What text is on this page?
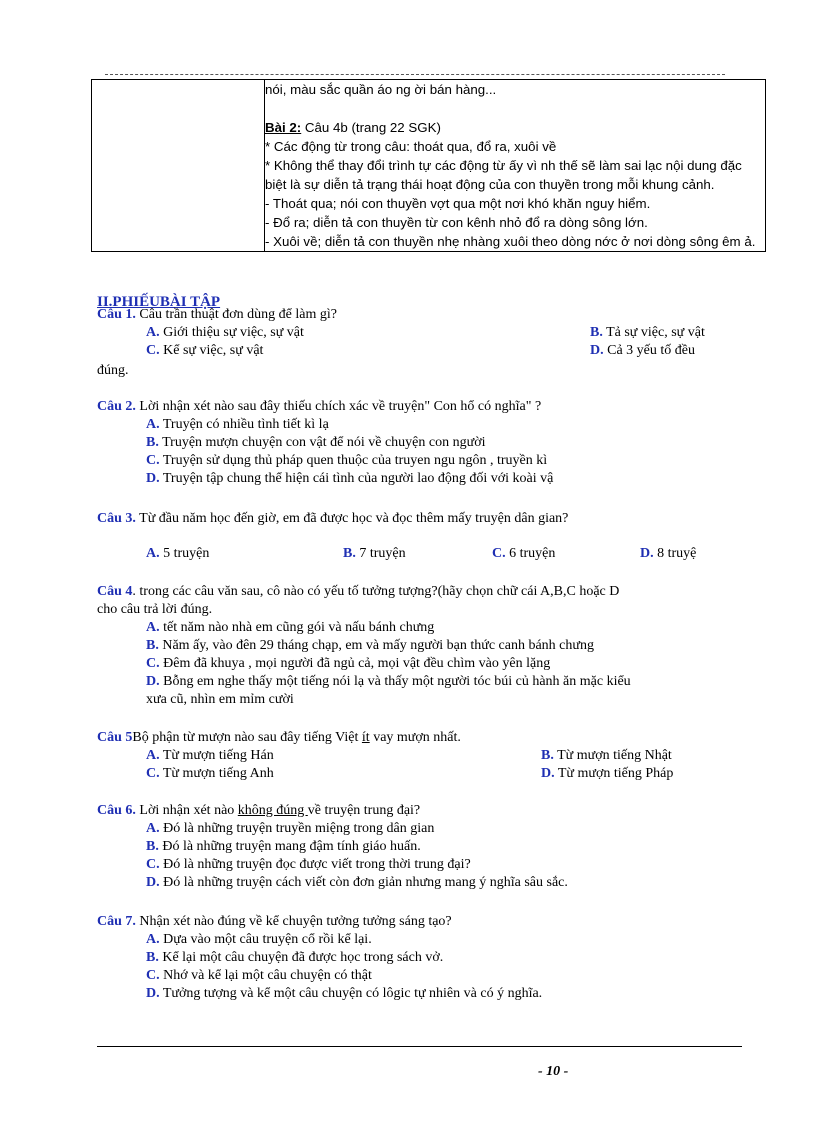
nói, màu sắc quần áo ng ời bán hàng...
Bài 2: Câu 4b (trang 22 SGK)
* Các động từ trong câu: thoát qua, đổ ra, xuôi về
* Không thể thay đổi trình tự các động từ ấy vì nh thế sẽ làm sai lạc nội dung đặc biệt là sự diễn tả trạng thái hoạt động của con thuyền trong mỗi khung cảnh.
- Thoát qua; nói con thuyền vợt qua một nơi khó khăn nguy hiểm.
- Đổ ra; diễn tả con thuyền từ con kênh nhỏ đổ ra dòng sông lớn.
- Xuôi về; diễn tả con thuyền nhẹ nhàng xuôi theo dòng nớc ở nơi dòng sông êm ả.
II.PHIẾUBÀI TẬP
Câu 1. Câu trần thuật đơn dùng để làm gì?
A. Giới thiệu sự việc, sự vật	B. Tả sự việc, sự vật
C. Kể sự việc, sự vật	D. Cả 3 yếu tố đều
đúng.
Câu 2. Lời nhận xét nào sau đây thiếu chích xác về truyện" Con hổ có nghĩa" ?
A. Truyện có nhiều tình tiết kì lạ
B. Truyện mượn chuyện con vật để nói về chuyện con người
C. Truyện sử dụng thủ pháp quen thuộc của truyen ngu ngôn , truyền kì
D. Truyện tập chung thể hiện cái tình của người lao động đối với koài vậ
Câu 3. Từ đầu năm học đến giờ, em đã được học và đọc thêm mấy truyện dân gian?
A. 5 truyện	B. 7 truyện	C. 6 truyện	D. 8 truyệ
Câu 4. trong các câu văn sau, cô nào có yếu tố tưởng tượng?(hãy chọn chữ cái A,B,C hoặc D
cho câu trả lời đúng.
A. tết năm nào nhà em cũng gói và nấu bánh chưng
B. Năm ấy, vào đên 29 tháng chạp, em và mấy người bạn thức canh bánh chưng
C. Đêm đã khuya , mọi người đã ngủ cả, mọi vật đều chìm vào yên lặng
D. Bỗng em nghe thấy một tiếng nói lạ và thấy một người tóc búi củ hành ăn mặc kiểu
xưa cũ, nhìn em mỉm cười
Câu 5Bộ phận từ mượn nào sau đây tiếng Việt ít vay mượn nhất.
A. Từ mượn tiếng Hán	B. Từ mượn tiếng Nhật
C. Từ mượn tiếng Anh	D. Từ mượn tiếng Pháp
Câu 6. Lời nhận xét nào không đúng về truyện trung đại?
A. Đó là những truyện truyền miệng trong dân gian
B. Đó là những truyện mang đậm tính giáo huấn.
C. Đó là những truyện đọc được viết trong thời trung đại?
D. Đó là những truyện cách viết còn đơn giản nhưng mang ý nghĩa sâu sắc.
Câu 7. Nhận xét nào đúng về kể chuyện tưởng tưởng sáng tạo?
A. Dựa vào một câu truyện cổ rồi kể lại.
B. Kể lại một câu chuyện đã được học trong sách vở.
C. Nhớ và kể lại một câu chuyện có thật
D. Tưởng tượng và kể một câu chuyện có lôgic tự nhiên và có ý nghĩa.
- 10 -
